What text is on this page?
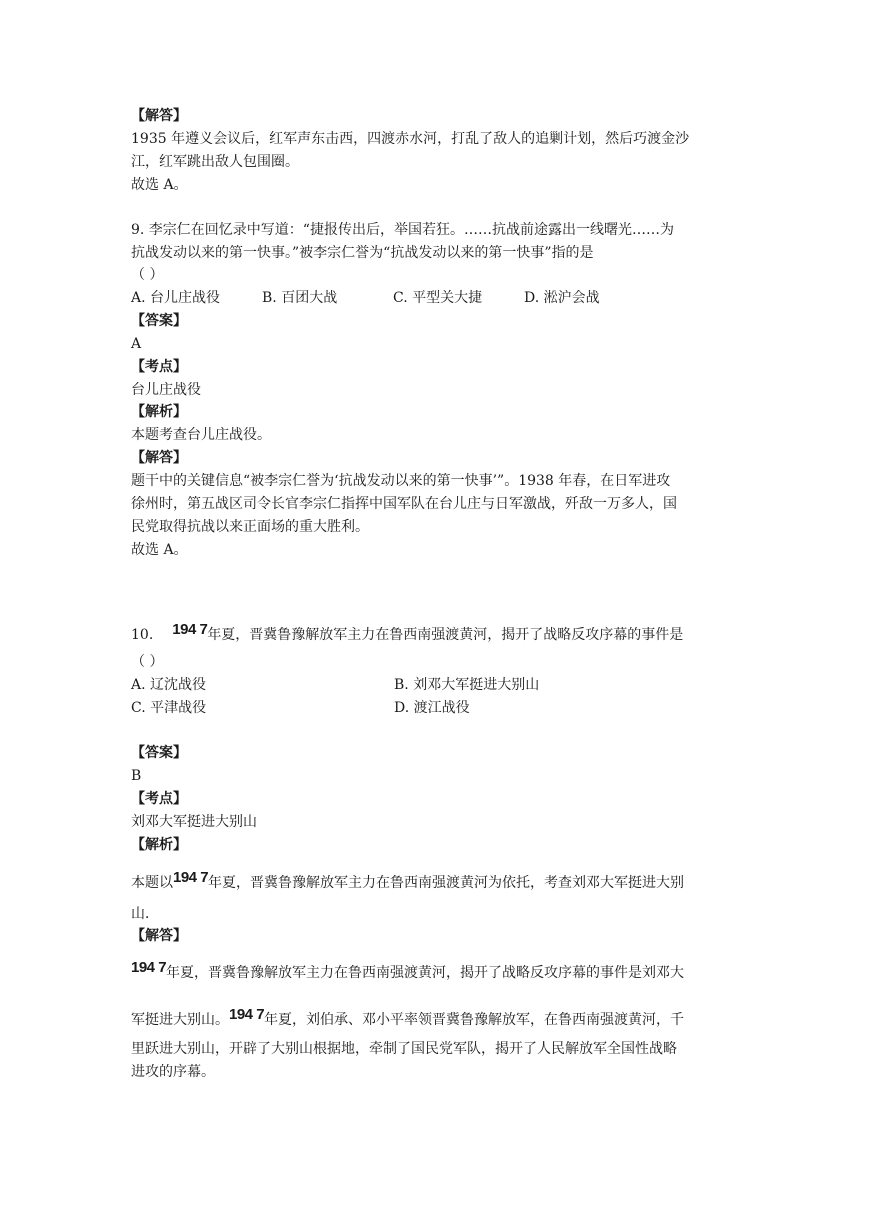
【解答】
1935 年遵义会议后，红军声东击西，四渡赤水河，打乱了敌人的追剿计划，然后巧渡金沙
江，红军跳出敌人包围圈。
故选 A。
9. 李宗仁在回忆录中写道：“捷报传出后，举国若狂。……抗战前途露出一线曙光……为
抗战发动以来的第一快事。”被李宗仁誉为“抗战发动以来的第一快事”指的是
（ ）
A. 台儿庄战役	B. 百团大战	C. 平型关大捷	D. 淞沪会战
【答案】
A
【考点】
台儿庄战役
【解析】
本题考查台儿庄战役。
【解答】
题干中的关键信息“被李宗仁誉为‘抗战发动以来的第一快事’”。1938 年春，在日军进攻
徐州时，第五战区司令长官李宗仁指挥中国军队在台儿庄与日军激战，歼敌一万多人，国
民党取得抗战以来正面场的重大胜利。
故选 A。
10. 194 7年夏，晋冀鲁豫解放军主力在鲁西南强渡黄河，揭开了战略反攻序幕的事件是
（ ）
A. 辽沈战役	B. 刘邓大军挺进大别山
C. 平津战役	D. 渡江战役
【答案】
B
【考点】
刘邓大军挺进大别山
【解析】
本题以194 7年夏，晋冀鲁豫解放军主力在鲁西南强渡黄河为依托，考查刘邓大军挺进大别
山．
【解答】
194 7年夏，晋冀鲁豫解放军主力在鲁西南强渡黄河，揭开了战略反攻序幕的事件是刘邓大
军挺进大别山。194 7年夏，刘伯承、邓小平率领晋冀鲁豫解放军，在鲁西南强渡黄河，千
里跃进大别山，开辟了大别山根据地，牵制了国民党军队，揭开了人民解放军全国性战略
进攻的序幕。
